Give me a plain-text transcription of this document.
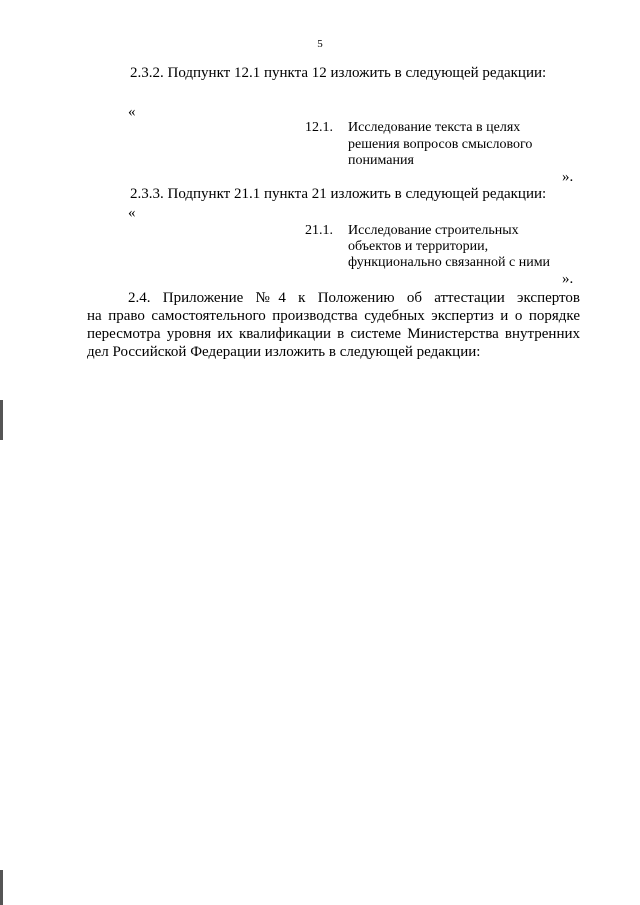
5
2.3.2. Подпункт 12.1 пункта 12 изложить в следующей редакции:
«
12.1. Исследование текста в целях
решения вопросов смыслового
понимания
».
2.3.3. Подпункт 21.1 пункта 21 изложить в следующей редакции:
«
21.1. Исследование строительных
объектов и территории,
функционально связанной с ними
».
2.4. Приложение №4 к Положению об аттестации экспертов
на право самостоятельного производства судебных экспертиз и о порядке
пересмотра уровня их квалификации в системе Министерства внутренних
дел Российской Федерации изложить в следующей редакции:
